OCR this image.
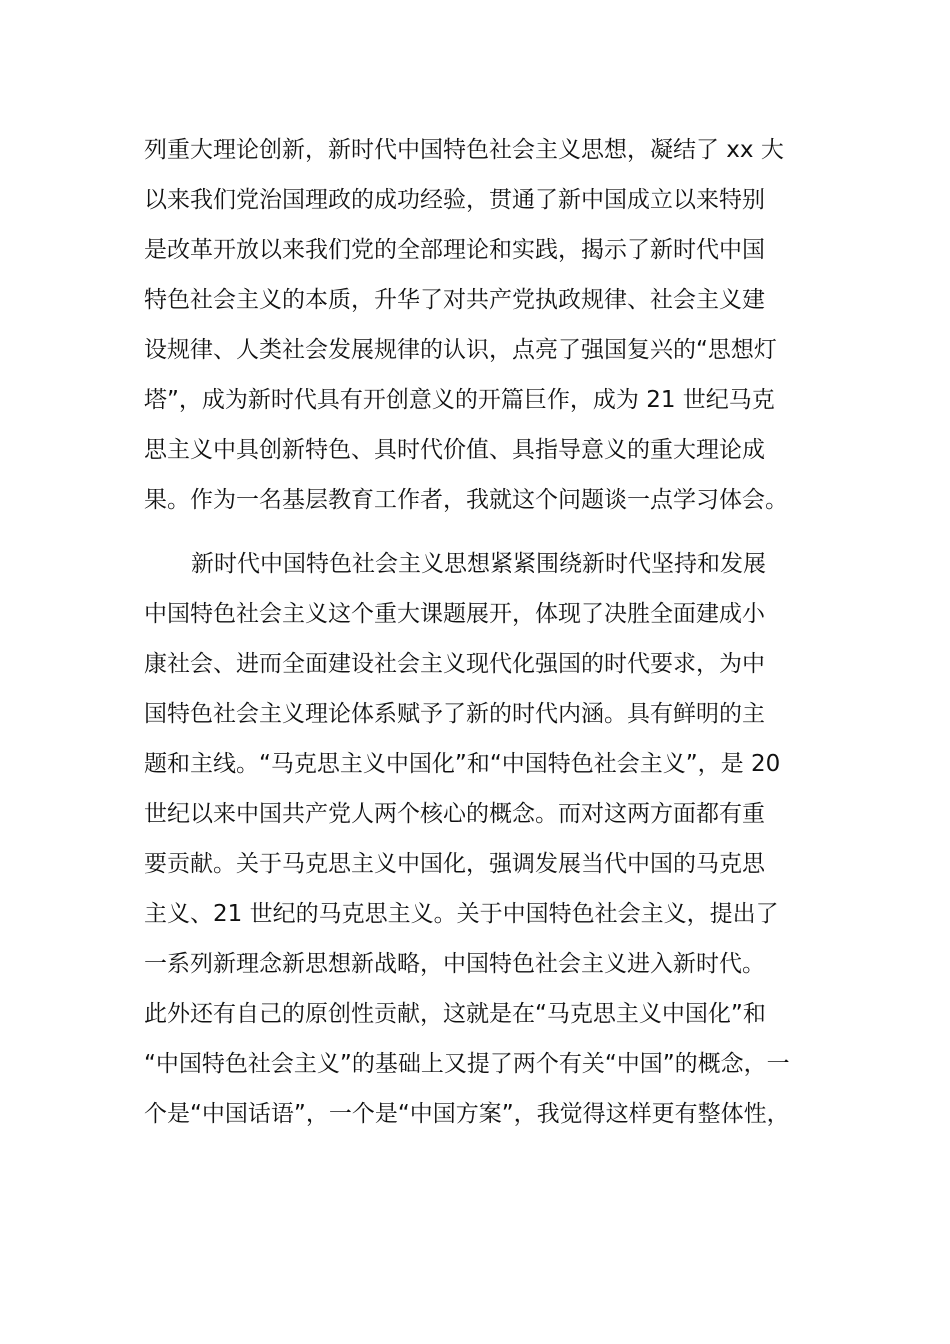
列重大理论创新，新时代中国特色社会主义思想，凝结了 xx 大
以来我们党治国理政的成功经验，贯通了新中国成立以来特别
是改革开放以来我们党的全部理论和实践，揭示了新时代中国
特色社会主义的本质，升华了对共产党执政规律、社会主义建
设规律、人类社会发展规律的认识，点亮了强国复兴的“思想灯
塔”，成为新时代具有开创意义的开篇巨作，成为 21 世纪马克
思主义中具创新特色、具时代价值、具指导意义的重大理论成
果。作为一名基层教育工作者，我就这个问题谈一点学习体会。
新时代中国特色社会主义思想紧紧围绕新时代坚持和发展
中国特色社会主义这个重大课题展开，体现了决胜全面建成小
康社会、进而全面建设社会主义现代化强国的时代要求，为中
国特色社会主义理论体系赋予了新的时代内涵。具有鲜明的主
题和主线。“马克思主义中国化”和“中国特色社会主义”，是 20
世纪以来中国共产党人两个核心的概念。而对这两方面都有重
要贡献。关于马克思主义中国化，强调发展当代中国的马克思
主义、21 世纪的马克思主义。关于中国特色社会主义，提出了
一系列新理念新思想新战略，中国特色社会主义进入新时代。
此外还有自己的原创性贡献，这就是在“马克思主义中国化”和
“中国特色社会主义”的基础上又提了两个有关“中国”的概念，一
个是“中国话语”，一个是“中国方案”，我觉得这样更有整体性，
